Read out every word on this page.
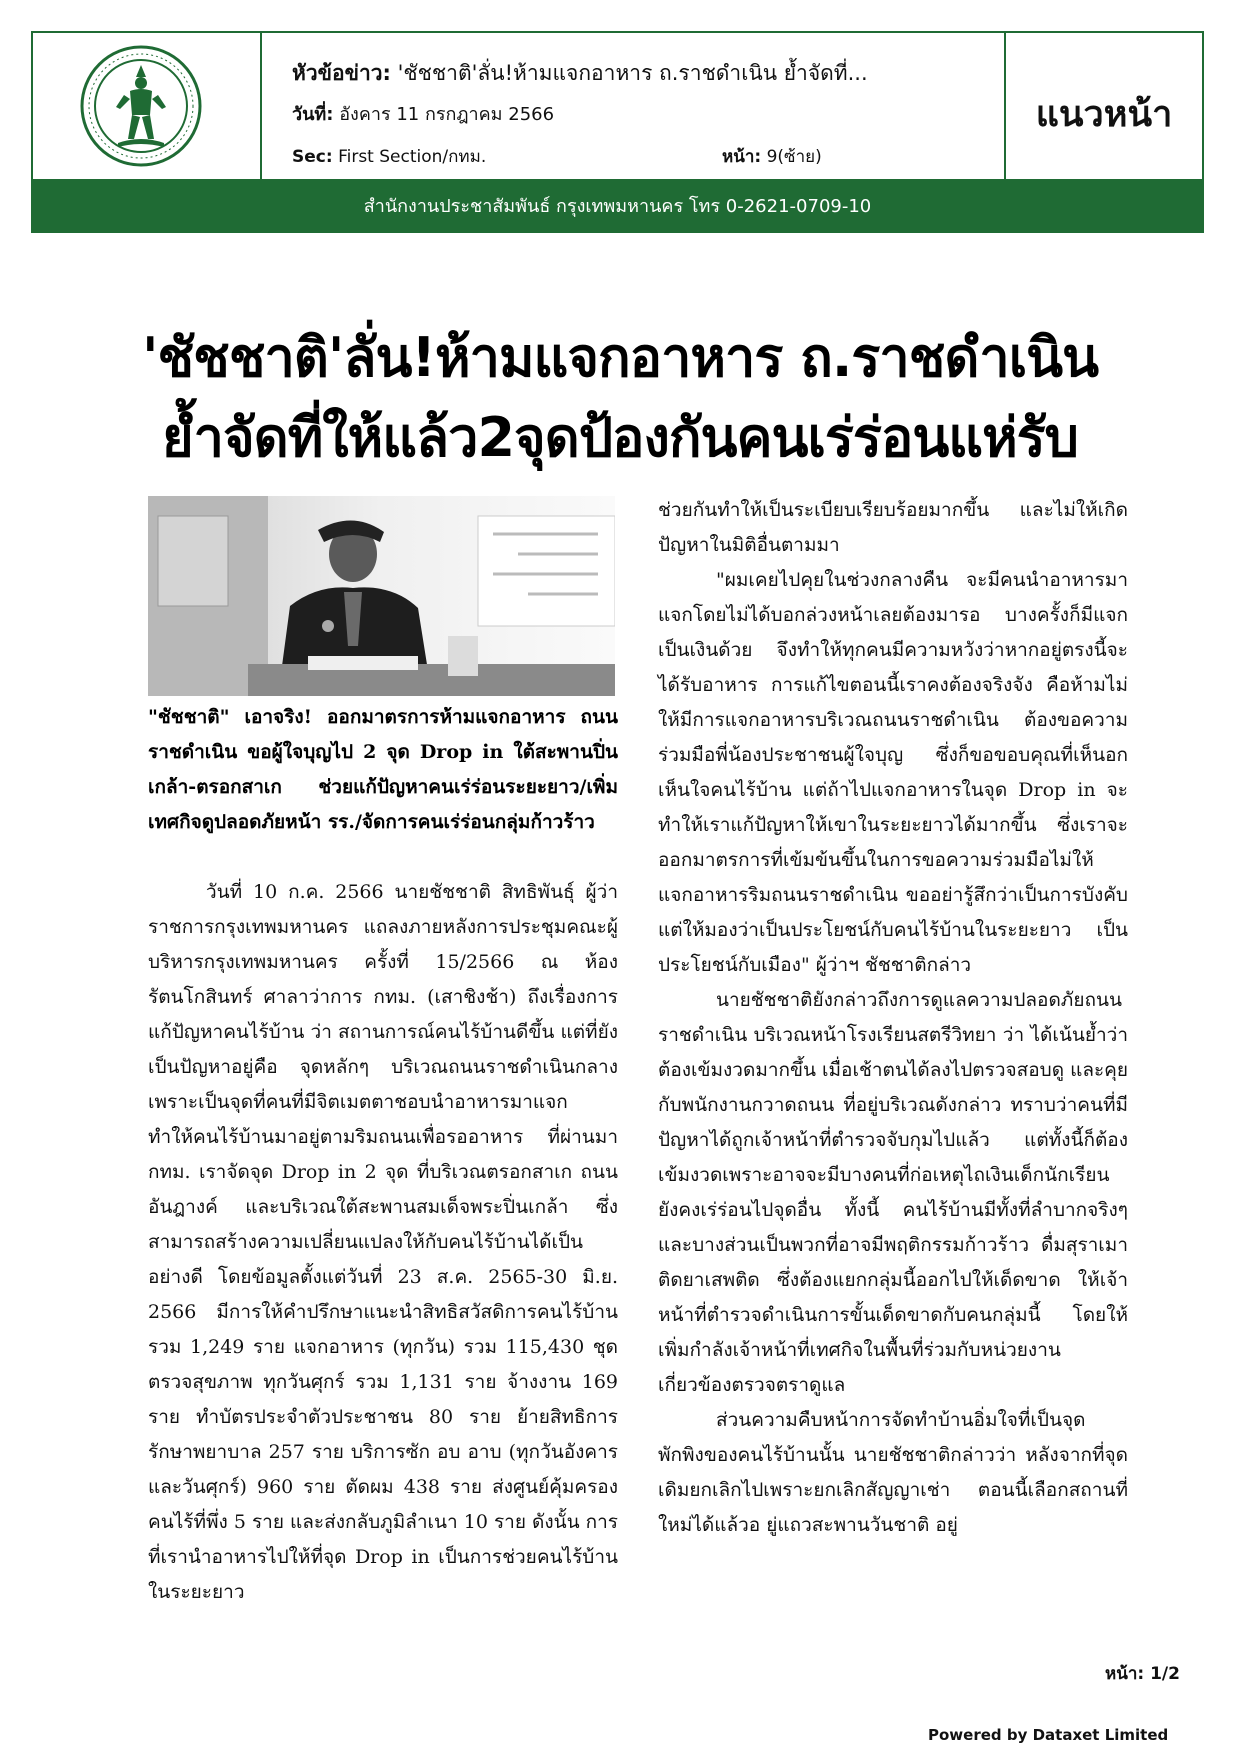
หัวข้อข่าว: 'ชัชชาติ'ลั่น!ห้ามแจกอาหาร ถ.ราชดำเนิน ย้ำจัดที่...
วันที่: อังคาร 11 กรกฎาคม 2566
Sec: First Section/กทม.	หน้า: 9(ซ้าย)
แนวหน้า
สำนักงานประชาสัมพันธ์ กรุงเทพมหานคร โทร 0-2621-0709-10
'ชัชชาติ'ลั่น!ห้ามแจกอาหาร ถ.ราชดำเนิน
ย้ำจัดที่ให้แล้ว2จุดป้องกันคนเร่ร่อนแห่รับ
"ชัชชาติ" เอาจริง! ออกมาตรการห้ามแจกอาหาร ถนนราชดำเนิน ขอผู้ใจบุญไป 2 จุด Drop in ใต้สะพานปิ่นเกล้า-ตรอกสาเก ช่วยแก้ปัญหาคนเร่ร่อนระยะยาว/เพิ่มเทศกิจดูปลอดภัยหน้า รร./จัดการคนเร่ร่อนกลุ่มก้าวร้าว

วันที่ 10 ก.ค. 2566 นายชัชชาติ สิทธิพันธุ์ ผู้ว่าราชการกรุงเทพมหานคร แถลงภายหลังการประชุมคณะผู้บริหารกรุงเทพมหานคร ครั้งที่ 15/2566 ณ ห้องรัตนโกสินทร์ ศาลาว่าการ กทม. (เสาชิงช้า) ถึงเรื่องการแก้ปัญหาคนไร้บ้าน ว่า สถานการณ์คนไร้บ้านดีขึ้น แต่ที่ยังเป็นปัญหาอยู่คือ จุดหลักๆ บริเวณถนนราชดำเนินกลาง เพราะเป็นจุดที่คนที่มีจิตเมตตาชอบนำอาหารมาแจก ทำให้คนไร้บ้านมาอยู่ตามริมถนนเพื่อรออาหาร ที่ผ่านมา กทม. เราจัดจุด Drop in 2 จุด ที่บริเวณตรอกสาเก ถนนอันฎางค์ และบริเวณใต้สะพานสมเด็จพระปิ่นเกล้า ซึ่งสามารถสร้างความเปลี่ยนแปลงให้กับคนไร้บ้านได้เป็นอย่างดี โดยข้อมูลตั้งแต่วันที่ 23 ส.ค. 2565-30 มิ.ย. 2566 มีการให้คำปรึกษาแนะนำสิทธิสวัสดิการคนไร้บ้าน รวม 1,249 ราย แจกอาหาร (ทุกวัน) รวม 115,430 ชุด ตรวจสุขภาพ ทุกวันศุกร์ รวม 1,131 ราย จ้างงาน 169 ราย ทำบัตรประจำตัวประชาชน 80 ราย ย้ายสิทธิการรักษาพยาบาล 257 ราย บริการซัก อบ อาบ (ทุกวันอังคารและวันศุกร์) 960 ราย ตัดผม 438 ราย ส่งศูนย์คุ้มครองคนไร้ที่พึ่ง 5 ราย และส่งกลับภูมิลำเนา 10 ราย ดังนั้น การที่เรานำอาหารไปให้ที่จุด Drop in เป็นการช่วยคนไร้บ้านในระยะยาว

ช่วยกันทำให้เป็นระเบียบเรียบร้อยมากขึ้น และไม่ให้เกิดปัญหาในมิติอื่นตามมา

"ผมเคยไปคุยในช่วงกลางคืน จะมีคนนำอาหารมาแจกโดยไม่ได้บอกล่วงหน้าเลยต้องมารอ บางครั้งก็มีแจกเป็นเงินด้วย จึงทำให้ทุกคนมีความหวังว่าหากอยู่ตรงนี้จะได้รับอาหาร การแก้ไขตอนนี้เราคงต้องจริงจัง คือห้ามไม่ให้มีการแจกอาหารบริเวณถนนราชดำเนิน ต้องขอความร่วมมือพี่น้องประชาชนผู้ใจบุญ ซึ่งก็ขอขอบคุณที่เห็นอกเห็นใจคนไร้บ้าน แต่ถ้าไปแจกอาหารในจุด Drop in จะทำให้เราแก้ปัญหาให้เขาในระยะยาวได้มากขึ้น ซึ่งเราจะออกมาตรการที่เข้มข้นขึ้นในการขอความร่วมมือไม่ให้แจกอาหารริมถนนราชดำเนิน ขออย่ารู้สึกว่าเป็นการบังคับแต่ให้มองว่าเป็นประโยชน์กับคนไร้บ้านในระยะยาว เป็นประโยชน์กับเมือง" ผู้ว่าฯ ชัชชาติกล่าว

นายชัชชาติยังกล่าวถึงการดูแลความปลอดภัยถนนราชดำเนิน บริเวณหน้าโรงเรียนสตรีวิทยา ว่า ได้เน้นย้ำว่าต้องเข้มงวดมากขึ้น เมื่อเช้าตนได้ลงไปตรวจสอบดู และคุยกับพนักงานกวาดถนน ที่อยู่บริเวณดังกล่าว ทราบว่าคนที่มีปัญหาได้ถูกเจ้าหน้าที่ตำรวจจับกุมไปแล้ว แต่ทั้งนี้ก็ต้องเข้มงวดเพราะอาจจะมีบางคนที่ก่อเหตุไถเงินเด็กนักเรียน ยังคงเร่ร่อนไปจุดอื่น ทั้งนี้ คนไร้บ้านมีทั้งที่ลำบากจริงๆ และบางส่วนเป็นพวกที่อาจมีพฤติกรรมก้าวร้าว ดื่มสุราเมาติดยาเสพติด ซึ่งต้องแยกกลุ่มนี้ออกไปให้เด็ดขาด ให้เจ้าหน้าที่ตำรวจดำเนินการขั้นเด็ดขาดกับคนกลุ่มนี้ โดยให้เพิ่มกำลังเจ้าหน้าที่เทศกิจในพื้นที่ร่วมกับหน่วยงานเกี่ยวข้องตรวจตราดูแล

ส่วนความคืบหน้าการจัดทำบ้านอิ่มใจที่เป็นจุดพักพิงของคนไร้บ้านนั้น นายชัชชาติกล่าวว่า หลังจากที่จุดเดิมยกเลิกไปเพราะยกเลิกสัญญาเช่า ตอนนี้เลือกสถานที่ใหม่ได้แล้วอ ยู่แถวสะพานวันชาติ อยู่

หน้า: 1/2
Powered by Dataxet Limited
